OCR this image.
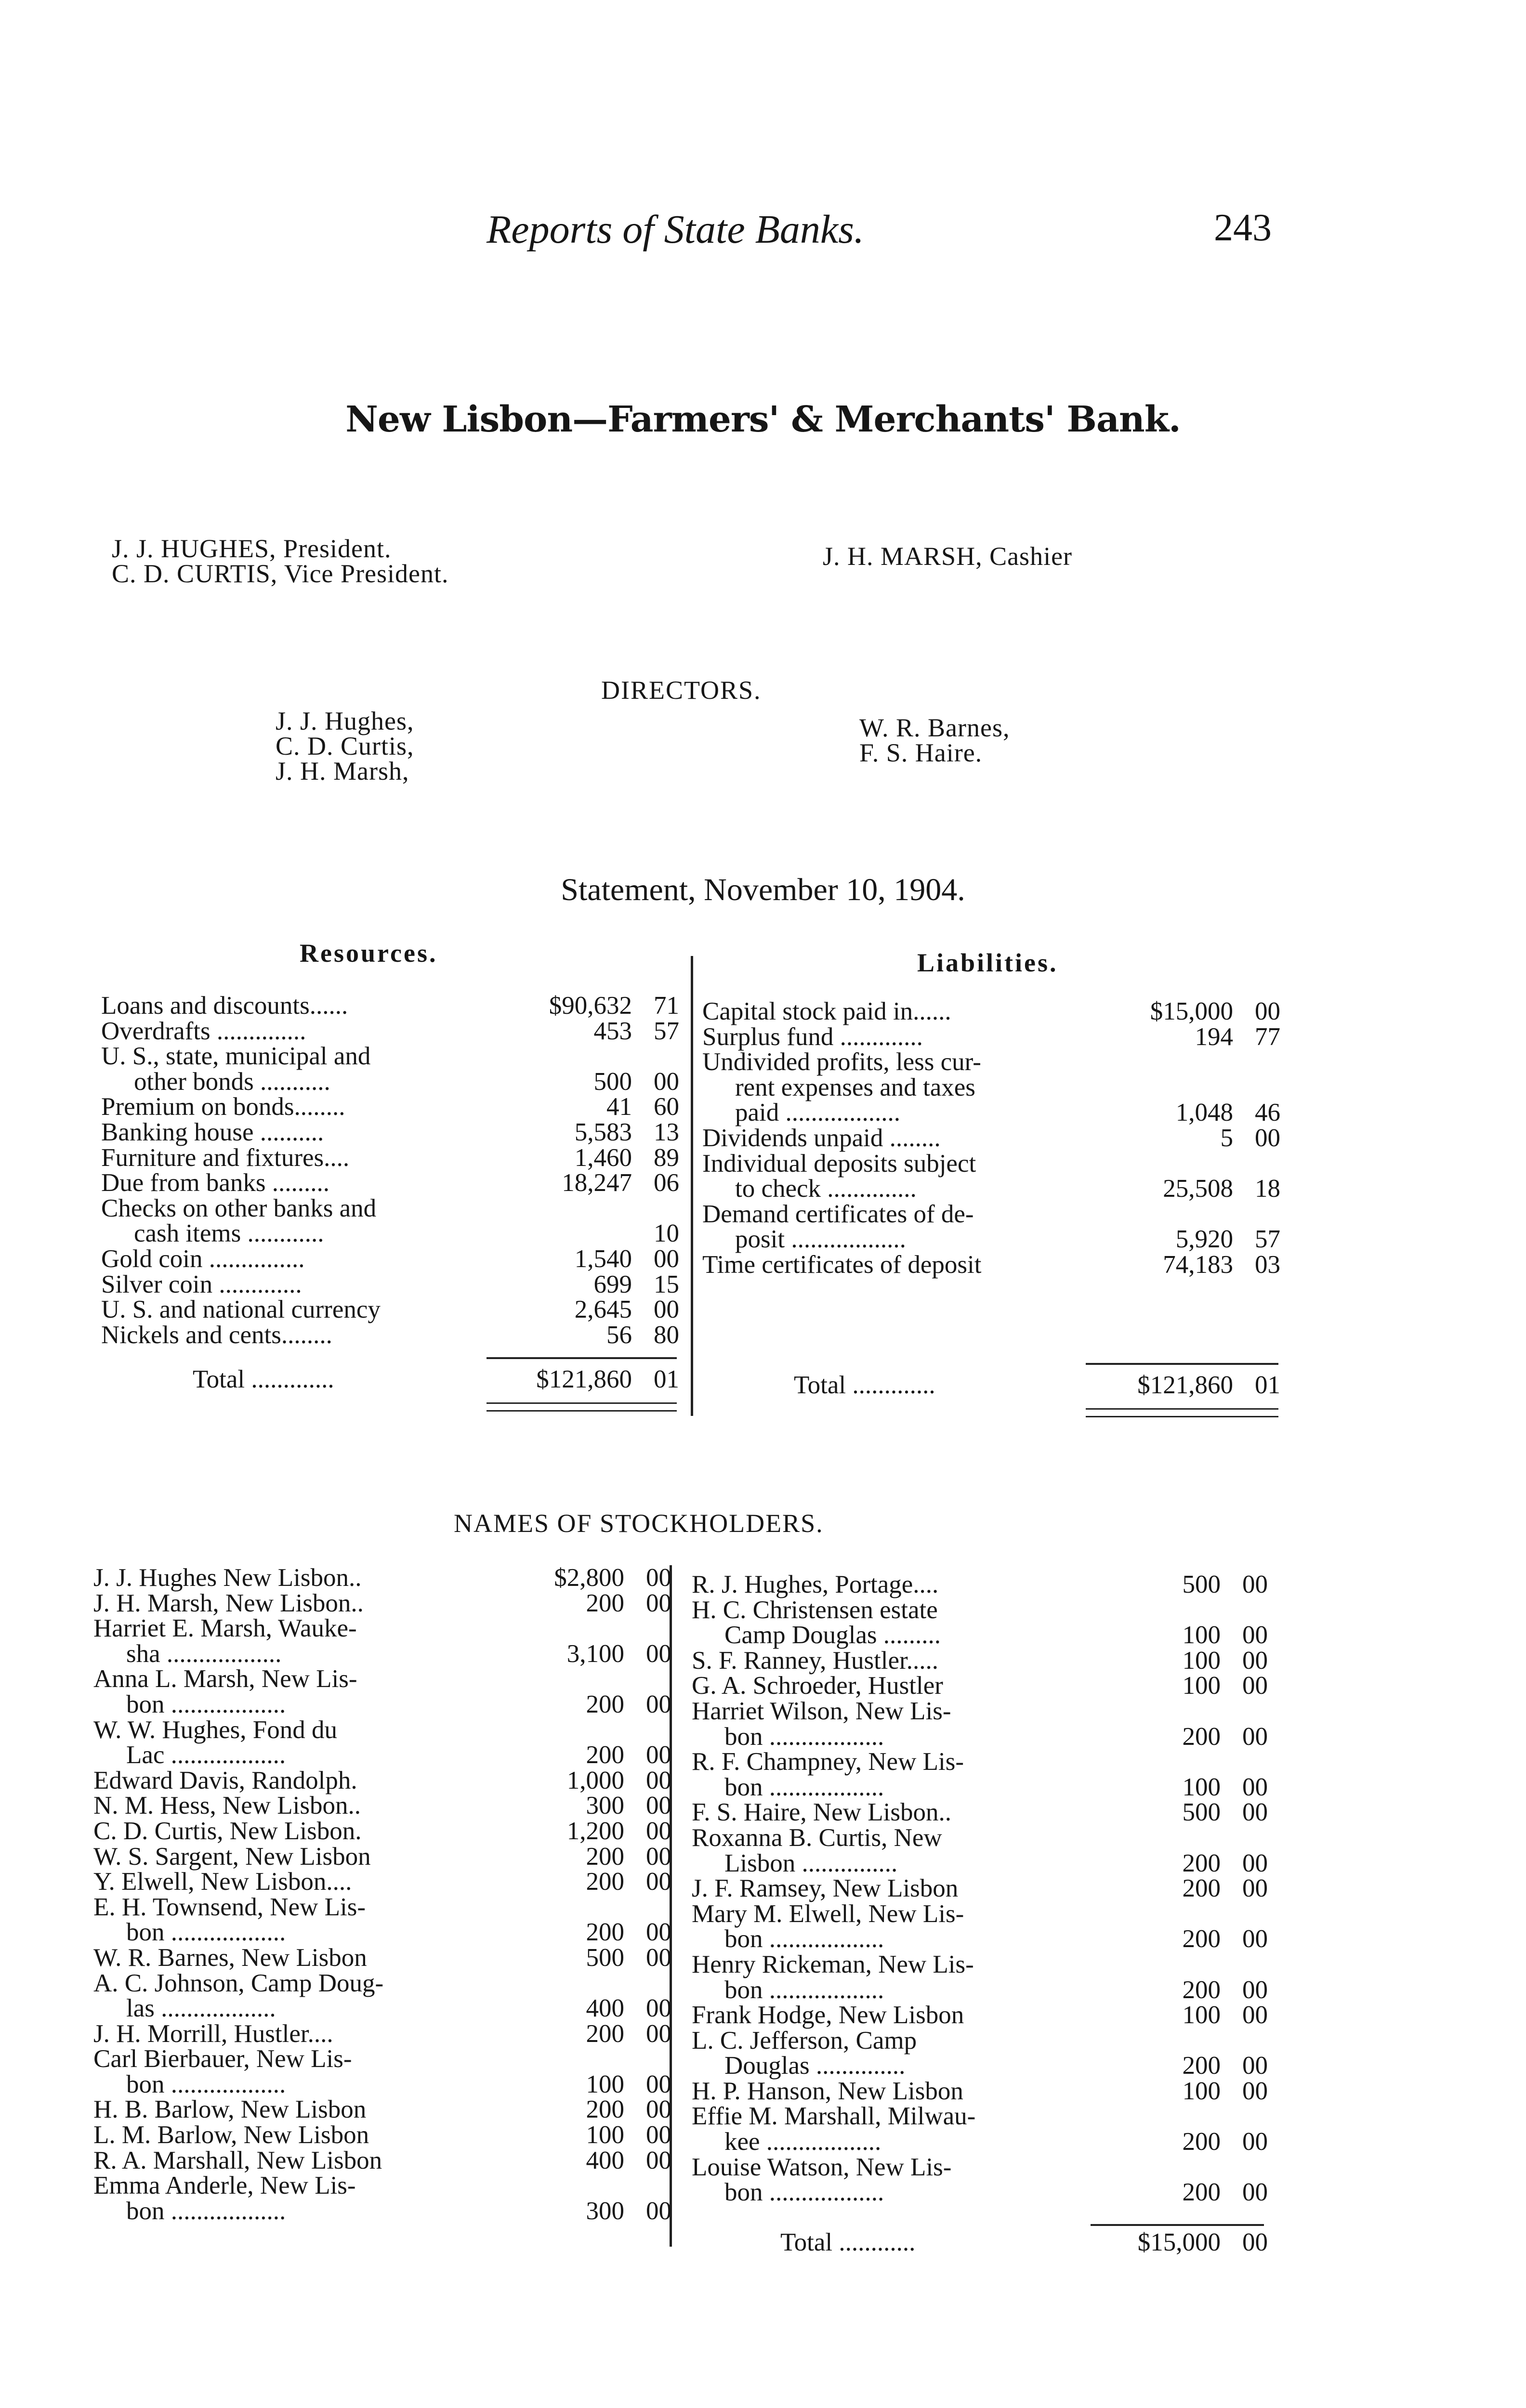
Reports of State Banks.	243
New Lisbon—Farmers' & Merchants' Bank.
J. J. HUGHES, President.
C. D. CURTIS, Vice President.
J. H. MARSH, Cashier
DIRECTORS.
J. J. Hughes,
C. D. Curtis,
J. H. Marsh,
W. R. Barnes,
F. S. Haire.
Statement, November 10, 1904.
Resources.	Liabilities.
Loans and discounts......	$90,632 71
Overdrafts ..............	453 57
U. S., state, municipal and
other bonds ...........	500 00
Premium on bonds........	41 60
Banking house ..........	5,583 13
Furniture and fixtures....	1,460 89
Due from banks .........	18,247 06
Checks on other banks and
cash items ............	10
Gold coin ...............	1,540 00
Silver coin .............	699 15
U. S. and national currency	2,645 00
Nickels and cents........	56 80
Total .............	$121,860 01
Capital stock paid in......	$15,000 00
Surplus fund .............	194 77
Undivided profits, less cur-
rent expenses and taxes
paid ..................	1,048 46
Dividends unpaid ........	5 00
Individual deposits subject
to check ..............	25,508 18
Demand certificates of de-
posit ..................	5,920 57
Time certificates of deposit	74,183 03
Total .............	$121,860 01
NAMES OF STOCKHOLDERS.
J. J. Hughes New Lisbon..	$2,800 00
J. H. Marsh, New Lisbon..	200 00
Harriet E. Marsh, Wauke-
sha ..................	3,100 00
Anna L. Marsh, New Lis-
bon ..................	200 00
W. W. Hughes, Fond du
Lac ..................	200 00
Edward Davis, Randolph.	1,000 00
N. M. Hess, New Lisbon..	300 00
C. D. Curtis, New Lisbon.	1,200 00
W. S. Sargent, New Lisbon	200 00
Y. Elwell, New Lisbon....	200 00
E. H. Townsend, New Lis-
bon ..................	200 00
W. R. Barnes, New Lisbon	500 00
A. C. Johnson, Camp Doug-
las ..................	400 00
J. H. Morrill, Hustler....	200 00
Carl Bierbauer, New Lis-
bon ..................	100 00
H. B. Barlow, New Lisbon	200 00
L. M. Barlow, New Lisbon	100 00
R. A. Marshall, New Lisbon	400 00
Emma Anderle, New Lis-
bon ..................	300 00
R. J. Hughes, Portage....	500 00
H. C. Christensen estate
Camp Douglas .........	100 00
S. F. Ranney, Hustler.....	100 00
G. A. Schroeder, Hustler	100 00
Harriet Wilson, New Lis-
bon ..................	200 00
R. F. Champney, New Lis-
bon ..................	100 00
F. S. Haire, New Lisbon..	500 00
Roxanna B. Curtis, New
Lisbon ...............	200 00
J. F. Ramsey, New Lisbon	200 00
Mary M. Elwell, New Lis-
bon ..................	200 00
Henry Rickeman, New Lis-
bon ..................	200 00
Frank Hodge, New Lisbon	100 00
L. C. Jefferson, Camp
Douglas ..............	200 00
H. P. Hanson, New Lisbon	100 00
Effie M. Marshall, Milwau-
kee ..................	200 00
Louise Watson, New Lis-
bon ..................	200 00
Total ............	$15,000 00
